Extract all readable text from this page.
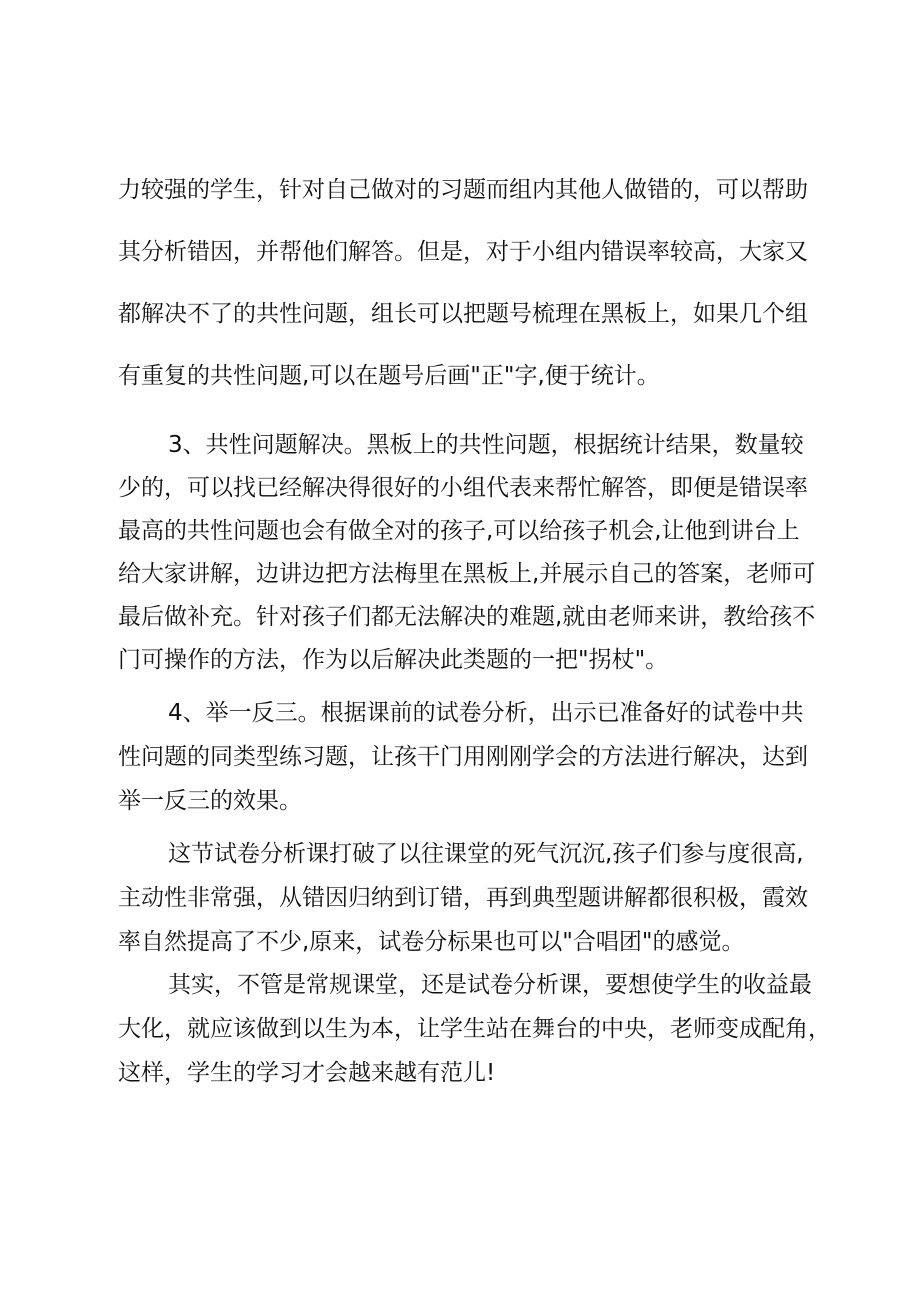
力较强的学生，针对自己做对的习题而组内其他人做错的，可以帮助
其分析错因，并帮他们解答。但是，对于小组内错误率较高，大家又
都解决不了的共性问题，组长可以把题号梳理在黑板上，如果几个组
有重复的共性问题,可以在题号后画"正"字,便于统计。
3、共性问题解决。黑板上的共性问题，根据统计结果，数量较
少的，可以找已经解决得很好的小组代表来帮忙解答，即便是错误率
最高的共性问题也会有做全对的孩子,可以给孩子机会,让他到讲台上
给大家讲解，边讲边把方法梅里在黑板上,并展示自己的答案，老师可
最后做补充。针对孩子们都无法解决的难题,就由老师来讲，教给孩不
门可操作的方法，作为以后解决此类题的一把"拐杖"。
4、举一反三。根据课前的试卷分析，出示已准备好的试卷中共
性问题的同类型练习题，让孩干门用刚刚学会的方法进行解决，达到
举一反三的效果。
这节试卷分析课打破了以往课堂的死气沉沉,孩子们参与度很高,
主动性非常强，从错因归纳到订错，再到典型题讲解都很积极，霞效
率自然提高了不少,原来，试卷分标果也可以"合唱团"的感觉。
其实，不管是常规课堂，还是试卷分析课，要想使学生的收益最
大化，就应该做到以生为本，让学生站在舞台的中央，老师变成配角，
这样，学生的学习才会越来越有范儿!
